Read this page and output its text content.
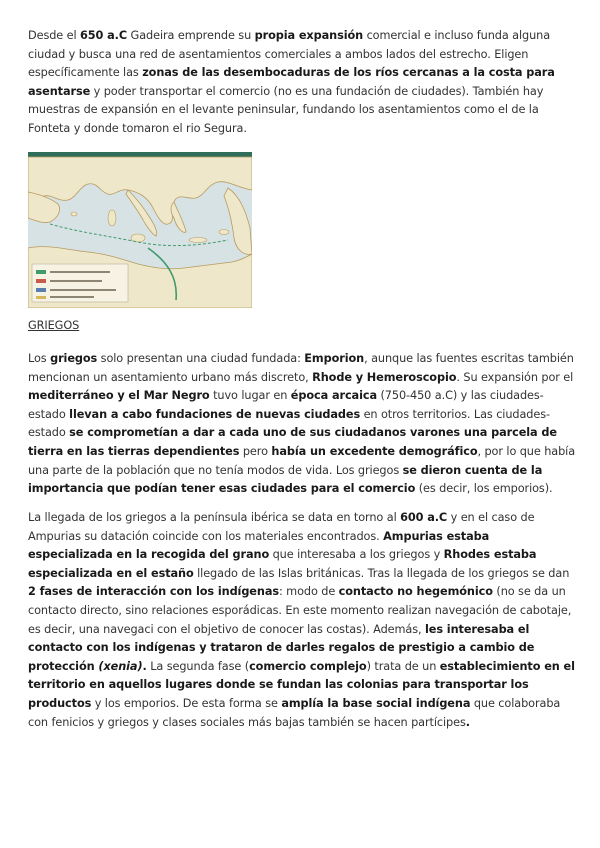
Desde el 650 a.C Gadeira emprende su propia expansión comercial e incluso funda alguna ciudad y busca una red de asentamientos comerciales a ambos lados del estrecho. Eligen específicamente las zonas de las desembocaduras de los ríos cercanas a la costa para asentarse y poder transportar el comercio (no es una fundación de ciudades). También hay muestras de expansión en el levante peninsular, fundando los asentamientos como el de la Fonteta y donde tomaron el rio Segura.

GRIEGOS

Los griegos solo presentan una ciudad fundada: Emporion, aunque las fuentes escritas también mencionan un asentamiento urbano más discreto, Rhode y Hemeroscopio. Su expansión por el mediterráneo y el Mar Negro tuvo lugar en época arcaica (750-450 a.C) y las ciudades-estado llevan a cabo fundaciones de nuevas ciudades en otros territorios. Las ciudades-estado se comprometían a dar a cada uno de sus ciudadanos varones una parcela de tierra en las tierras dependientes pero había un excedente demográfico, por lo que había una parte de la población que no tenía modos de vida. Los griegos se dieron cuenta de la importancia que podían tener esas ciudades para el comercio (es decir, los emporios).

La llegada de los griegos a la península ibérica se data en torno al 600 a.C y en el caso de Ampurias su datación coincide con los materiales encontrados. Ampurias estaba especializada en la recogida del grano que interesaba a los griegos y Rhodes estaba especializada en el estaño llegado de las Islas británicas. Tras la llegada de los griegos se dan 2 fases de interacción con los indígenas: modo de contacto no hegemónico (no se da un contacto directo, sino relaciones esporádicas. En este momento realizan navegación de cabotaje, es decir, una navegaci con el objetivo de conocer las costas). Además, les interesaba el contacto con los indígenas y trataron de darles regalos de prestigio a cambio de protección (xenia). La segunda fase (comercio complejo) trata de un establecimiento en el territorio en aquellos lugares donde se fundan las colonias para transportar los productos y los emporios. De esta forma se amplía la base social indígena que colaboraba con fenicios y griegos y clases sociales más bajas también se hacen partícipes.
